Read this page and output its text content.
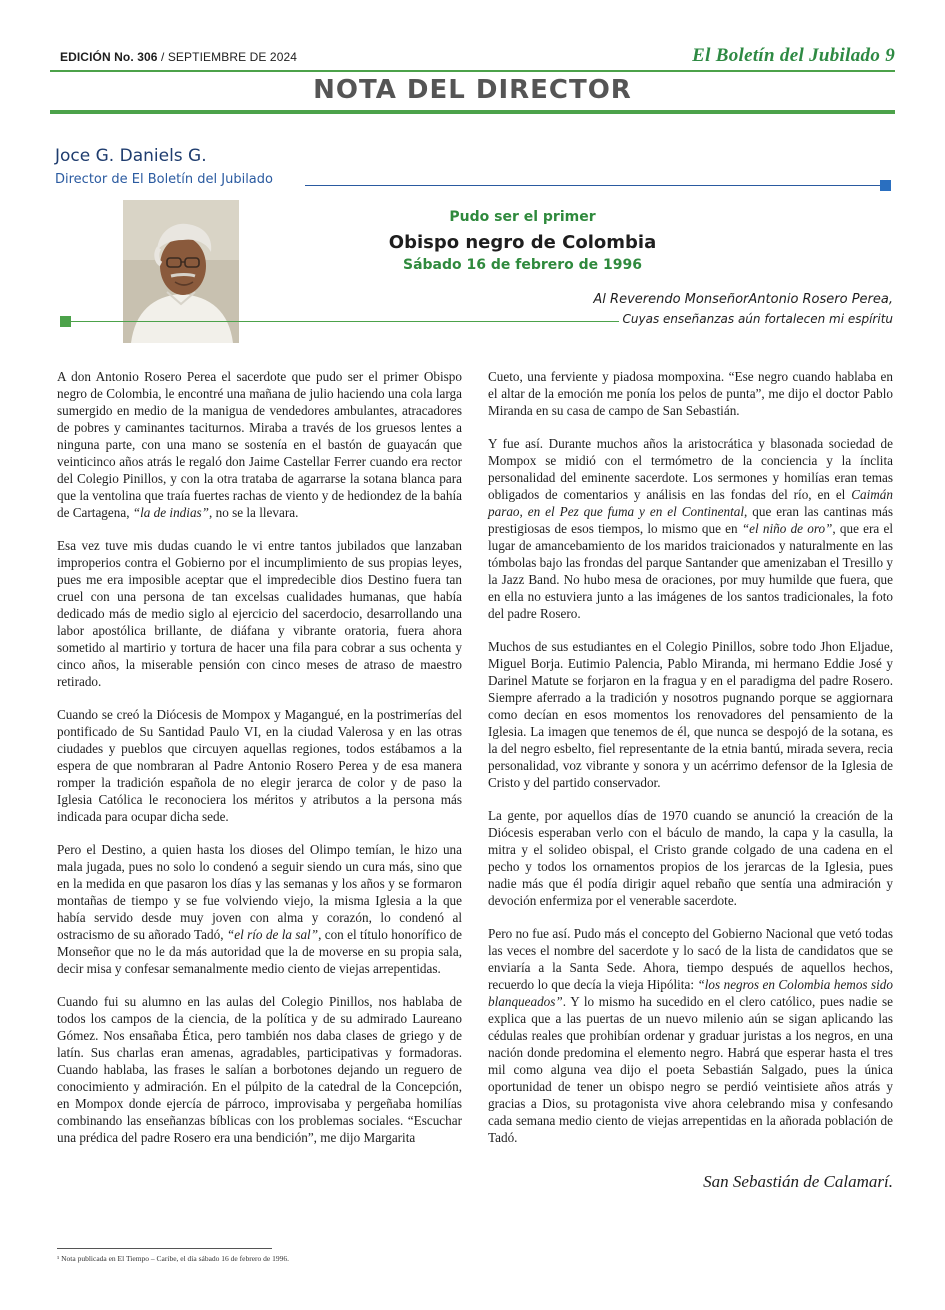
EDICIÓN No. 306 / SEPTIEMBRE DE 2024	El Boletín del Jubilado 9
NOTA DEL DIRECTOR
Joce G. Daniels G.
Director de El Boletín del Jubilado
Pudo ser el primer
Obispo negro de Colombia
Sábado 16 de febrero de 1996
Al Reverendo MonseñorAntonio Rosero Perea,
Cuyas enseñanzas aún fortalecen mi espíritu

A don Antonio Rosero Perea el sacerdote que pudo ser el primer Obispo negro de Colombia, le encontré una mañana de julio haciendo una cola larga sumergido en medio de la manigua de vendedores ambulantes, atracadores de pobres y caminantes taciturnos. Miraba a través de los gruesos lentes a ninguna parte, con una mano se sostenía en el bastón de guayacán que veinticinco años atrás le regaló don Jaime Castellar Ferrer cuando era rector del Colegio Pinillos, y con la otra trataba de agarrarse la sotana blanca para que la ventolina que traía fuertes rachas de viento y de hediondez de la bahía de Cartagena, “la de indias”, no se la llevara.

Esa vez tuve mis dudas cuando le vi entre tantos jubilados que lanzaban improperios contra el Gobierno por el incumplimiento de sus propias leyes, pues me era imposible aceptar que el impredecible dios Destino fuera tan cruel con una persona de tan excelsas cualidades humanas, que había dedicado más de medio siglo al ejercicio del sacerdocio, desarrollando una labor apostólica brillante, de diáfana y vibrante oratoria, fuera ahora sometido al martirio y tortura de hacer una fila para cobrar a sus ochenta y cinco años, la miserable pensión con cinco meses de atraso de maestro retirado.

Cuando se creó la Diócesis de Mompox y Magangué, en la postrimerías del pontificado de Su Santidad Paulo VI, en la ciudad Valerosa y en las otras ciudades y pueblos que circuyen aquellas regiones, todos estábamos a la espera de que nombraran al Padre Antonio Rosero Perea y de esa manera romper la tradición española de no elegir jerarca de color y de paso la Iglesia Católica le reconociera los méritos y atributos a la persona más indicada para ocupar dicha sede.

Pero el Destino, a quien hasta los dioses del Olimpo temían, le hizo una mala jugada, pues no solo lo condenó a seguir siendo un cura más, sino que en la medida en que pasaron los días y las semanas y los años y se formaron montañas de tiempo y se fue volviendo viejo, la misma Iglesia a la que había servido desde muy joven con alma y corazón, lo condenó al ostracismo de su añorado Tadó, “el río de la sal”, con el título honorífico de Monseñor que no le da más autoridad que la de moverse en su propia sala, decir misa y confesar semanalmente medio ciento de viejas arrepentidas.

Cuando fui su alumno en las aulas del Colegio Pinillos, nos hablaba de todos los campos de la ciencia, de la política y de su admirado Laureano Gómez. Nos ensañaba Ética, pero también nos daba clases de griego y de latín. Sus charlas eran amenas, agradables, participativas y formadoras. Cuando hablaba, las frases le salían a borbotones dejando un reguero de conocimiento y admiración. En el púlpito de la catedral de la Concepción, en Mompox donde ejercía de párroco, improvisaba y pergeñaba homilías combinando las enseñanzas bíblicas con los problemas sociales. “Escuchar una prédica del padre Rosero era una bendición”, me dijo Margarita

Cueto, una ferviente y piadosa mompoxina. “Ese negro cuando hablaba en el altar de la emoción me ponía los pelos de punta”, me dijo el doctor Pablo Miranda en su casa de campo de San Sebastián.

Y fue así. Durante muchos años la aristocrática y blasonada sociedad de Mompox se midió con el termómetro de la conciencia y la ínclita personalidad del eminente sacerdote. Los sermones y homilías eran temas obligados de comentarios y análisis en las fondas del río, en el Caimán parao, en el Pez que fuma y en el Continental, que eran las cantinas más prestigiosas de esos tiempos, lo mismo que en “el niño de oro”, que era el lugar de amancebamiento de los maridos traicionados y naturalmente en las tómbolas bajo las frondas del parque Santander que amenizaban el Tresillo y la Jazz Band. No hubo mesa de oraciones, por muy humilde que fuera, que en ella no estuviera junto a las imágenes de los santos tradicionales, la foto del padre Rosero.

Muchos de sus estudiantes en el Colegio Pinillos, sobre todo Jhon Eljadue, Miguel Borja. Eutimio Palencia, Pablo Miranda, mi hermano Eddie José y Darinel Matute se forjaron en la fragua y en el paradigma del padre Rosero. Siempre aferrado a la tradición y nosotros pugnando porque se aggiornara como decían en esos momentos los renovadores del pensamiento de la Iglesia. La imagen que tenemos de él, que nunca se despojó de la sotana, es la del negro esbelto, fiel representante de la etnia bantú, mirada severa, recia personalidad, voz vibrante y sonora y un acérrimo defensor de la Iglesia de Cristo y del partido conservador.

La gente, por aquellos días de 1970 cuando se anunció la creación de la Diócesis esperaban verlo con el báculo de mando, la capa y la casulla, la mitra y el solideo obispal, el Cristo grande colgado de una cadena en el pecho y todos los ornamentos propios de los jerarcas de la Iglesia, pues nadie más que él podía dirigir aquel rebaño que sentía una admiración y devoción enfermiza por el venerable sacerdote.

Pero no fue así. Pudo más el concepto del Gobierno Nacional que vetó todas las veces el nombre del sacerdote y lo sacó de la lista de candidatos que se enviaría a la Santa Sede. Ahora, tiempo después de aquellos hechos, recuerdo lo que decía la vieja Hipólita: “los negros en Colombia hemos sido blanqueados”. Y lo mismo ha sucedido en el clero católico, pues nadie se explica que a las puertas de un nuevo milenio aún se sigan aplicando las cédulas reales que prohibían ordenar y graduar juristas a los negros, en una nación donde predomina el elemento negro. Habrá que esperar hasta el tres mil como alguna vea dijo el poeta Sebastián Salgado, pues la única oportunidad de tener un obispo negro se perdió veintisiete años atrás y gracias a Dios, su protagonista vive ahora celebrando misa y confesando cada semana medio ciento de viejas arrepentidas en la añorada población de Tadó.

San Sebastián de Calamarí.
¹ Nota publicada en El Tiempo – Caribe, el día sábado 16 de febrero de 1996.
